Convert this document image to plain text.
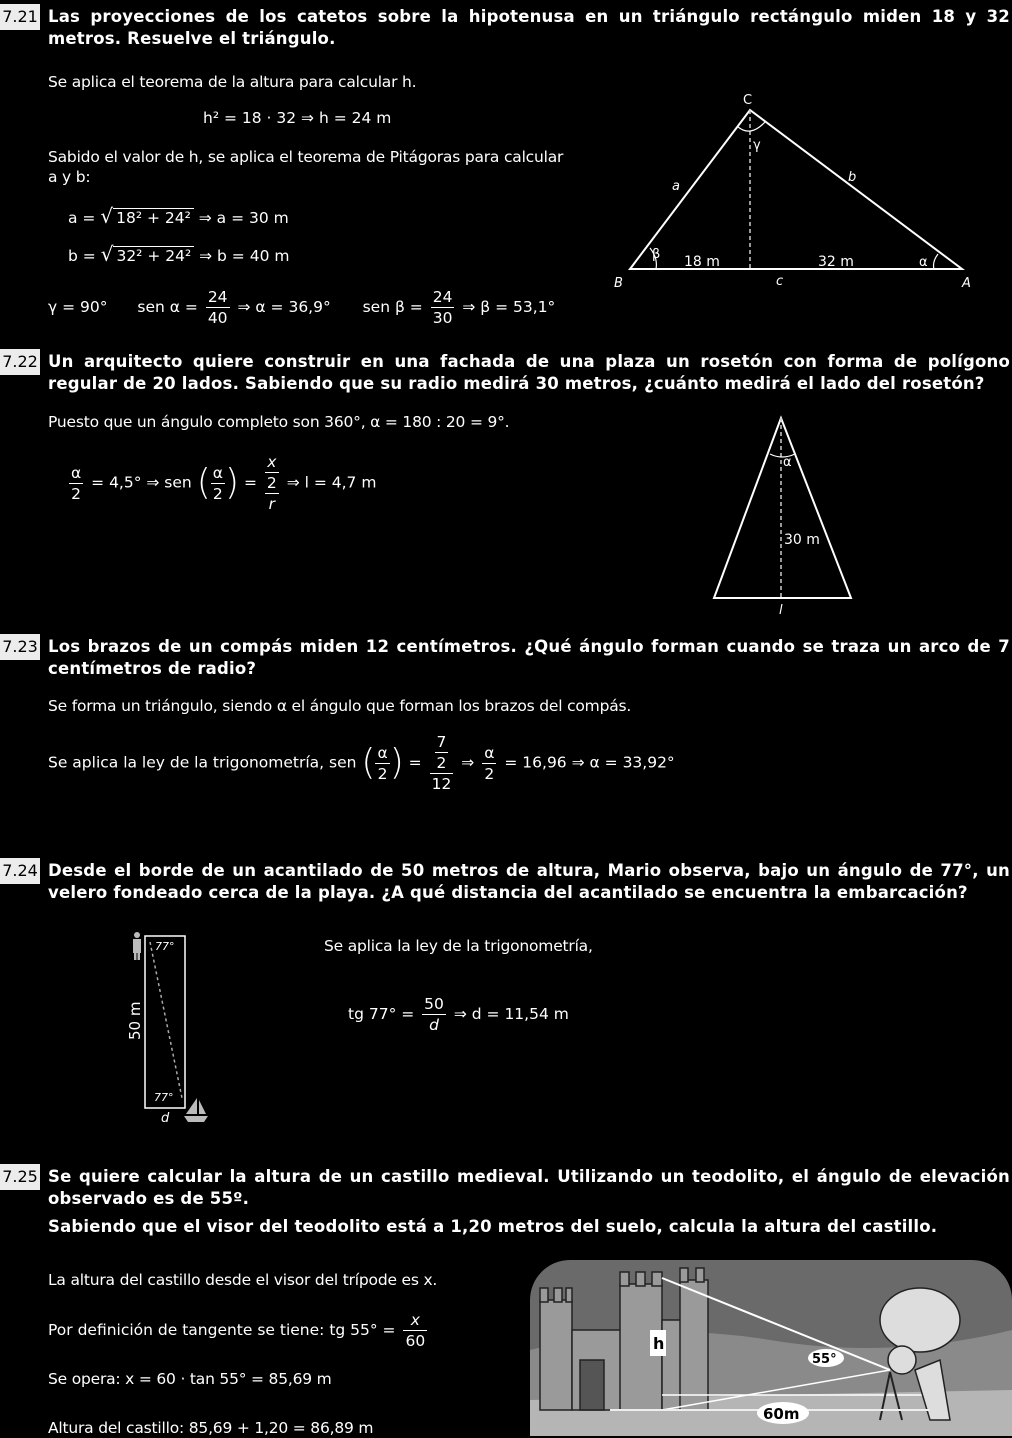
7.21 Las proyecciones de los catetos sobre la hipotenusa en un triángulo rectángulo miden 18 y 32 metros. Resuelve el triángulo.
Se aplica el teorema de la altura para calcular h.
h² = 18 · 32 ⇒ h = 24 m
Sabido el valor de h, se aplica el teorema de Pitágoras para calcular
a y b:
a = √ 18² + 24² ⇒ a = 30 m
b = √ 32² + 24² ⇒ b = 40 m
γ = 90° sen $\alpha = \frac{24}{40}$ ⇒ α = 36,9° sen $\beta = \frac{24}{30}$ ⇒ β = 53,1°
C
B	A
a
b
c
γ
β
α
18 m	32 m
7.22 Un arquitecto quiere construir en una fachada de una plaza un rosetón con forma de polígono regular de 20 lados. Sabiendo que su radio medirá 30 metros, ¿cuánto medirá el lado del rosetón?
Puesto que un ángulo completo son 360°, α = 180 : 20 = 9°.
$\frac{\alpha}{2} = 4,5^\circ$ ⇒ sen ( $\frac{\alpha}{2}$ ) = $\frac{\frac{x}{2}}{r}$ ⇒ l = 4,7 m
α
30 m
l
7.23 Los brazos de un compás miden 12 centímetros. ¿Qué ángulo forman cuando se traza un arco de 7 centímetros de radio?
Se forma un triángulo, siendo α el ángulo que forman los brazos del compás.
Se aplica la ley de la trigonometría, sen ( $\frac{\alpha}{2}$ ) = $\frac{\frac{7}{2}}{12}$ ⇒ $\frac{\alpha}{2} = 16,96$ ⇒ α = 33,92°
7.24 Desde el borde de un acantilado de 50 metros de altura, Mario observa, bajo un ángulo de 77°, un velero fondeado cerca de la playa. ¿A qué distancia del acantilado se encuentra la embarcación?
77°
77°
50 m
d
Se aplica la ley de la trigonometría,
tg $77^\circ = \frac{50}{d}$ ⇒ d = 11,54 m
7.25 Se quiere calcular la altura de un castillo medieval. Utilizando un teodolito, el ángulo de elevación observado es de 55º.
Sabiendo que el visor del teodolito está a 1,20 metros del suelo, calcula la altura del castillo.
La altura del castillo desde el visor del trípode es x.
Por definición de tangente se tiene: tg $55^\circ = \frac{x}{60}$
Se opera: x = 60 · tan 55° = 85,69 m
Altura del castillo: 85,69 + 1,20 = 86,89 m
60m
55°
h
